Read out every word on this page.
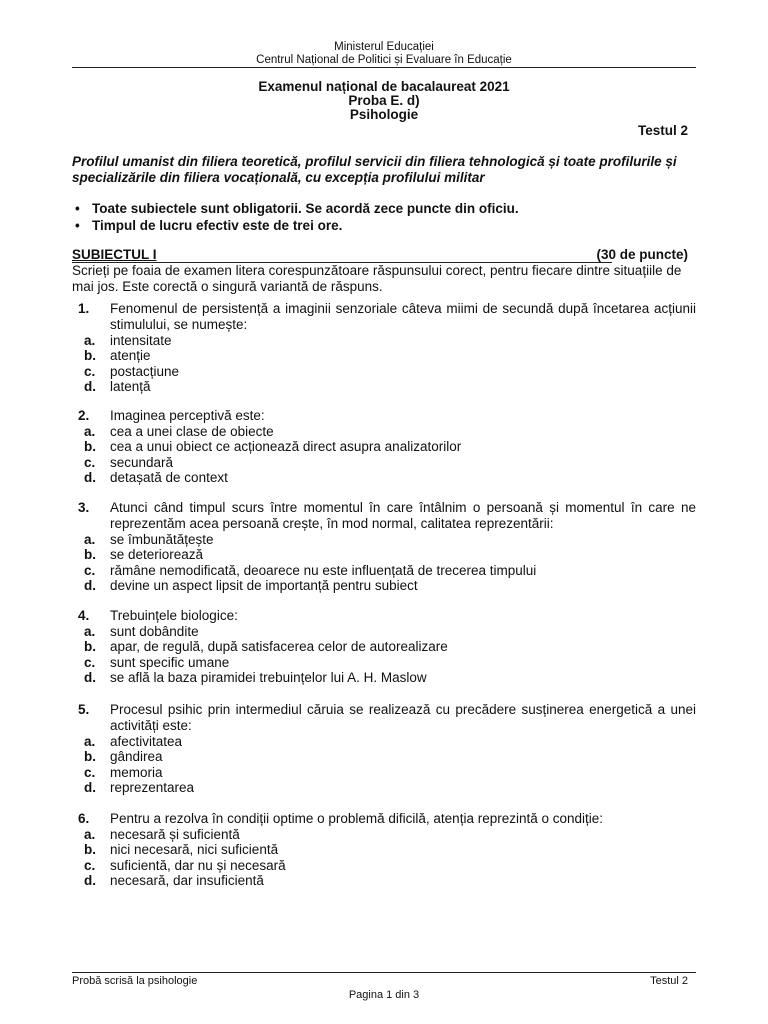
Ministerul Educației
Centrul Național de Politici și Evaluare în Educație
Examenul național de bacalaureat 2021
Proba E. d)
Psihologie
Testul 2
Profilul umanist din filiera teoretică, profilul servicii din filiera tehnologică și toate profilurile și specializările din filiera vocațională, cu excepția profilului militar
• Toate subiectele sunt obligatorii. Se acordă zece puncte din oficiu.
• Timpul de lucru efectiv este de trei ore.
SUBIECTUL I	(30 de puncte)
Scrieți pe foaia de examen litera corespunzătoare răspunsului corect, pentru fiecare dintre situațiile de mai jos. Este corectă o singură variantă de răspuns.
1. Fenomenul de persistență a imaginii senzoriale câteva miimi de secundă după încetarea acțiunii stimulului, se numește:
a. intensitate
b. atenție
c. postacțiune
d. latență
2. Imaginea perceptivă este:
a. cea a unei clase de obiecte
b. cea a unui obiect ce acționează direct asupra analizatorilor
c. secundară
d. detașată de context
3. Atunci când timpul scurs între momentul în care întâlnim o persoană și momentul în care ne reprezentăm acea persoană crește, în mod normal, calitatea reprezentării:
a. se îmbunătățește
b. se deteriorează
c. rămâne nemodificată, deoarece nu este influențată de trecerea timpului
d. devine un aspect lipsit de importanță pentru subiect
4. Trebuințele biologice:
a. sunt dobândite
b. apar, de regulă, după satisfacerea celor de autorealizare
c. sunt specific umane
d. se află la baza piramidei trebuințelor lui A. H. Maslow
5. Procesul psihic prin intermediul căruia se realizează cu precădere susținerea energetică a unei activități este:
a. afectivitatea
b. gândirea
c. memoria
d. reprezentarea
6. Pentru a rezolva în condiții optime o problemă dificilă, atenția reprezintă o condiție:
a. necesară și suficientă
b. nici necesară, nici suficientă
c. suficientă, dar nu și necesară
d. necesară, dar insuficientă
Probă scrisă la psihologie	Testul 2
Pagina 1 din 3
